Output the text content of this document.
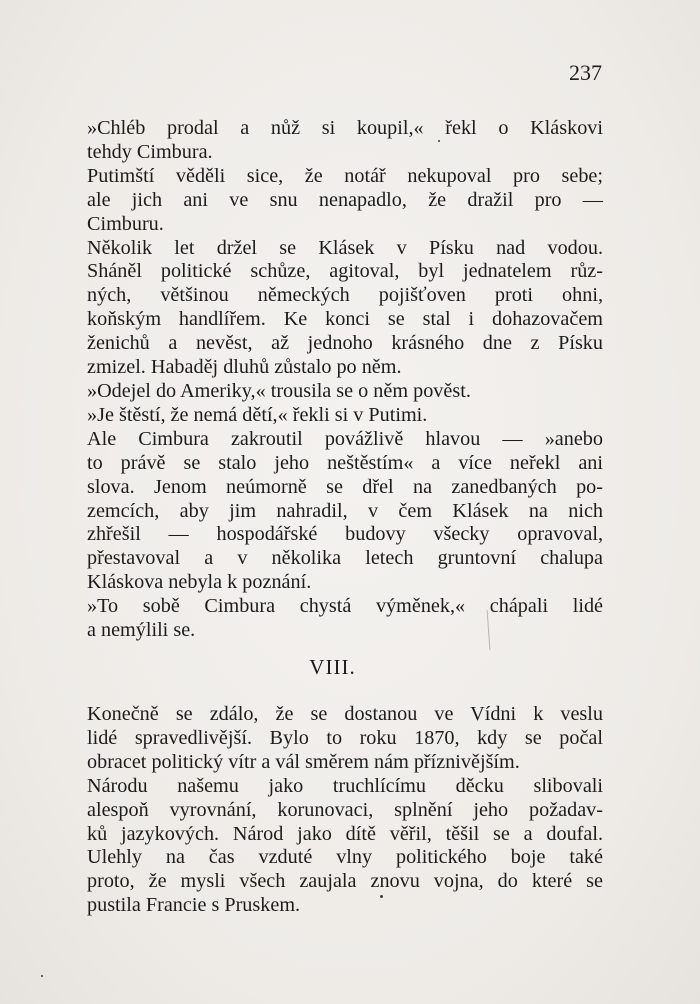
237

»Chléb prodal a nůž si koupil,« řekl o Kláskovi
tehdy Cimbura.

Putimští věděli sice, že notář nekupoval pro sebe;
ale jich ani ve snu nenapadlo, že dražil pro —
Cimburu.

Několik let držel se Klásek v Písku nad vodou.
Sháněl politické schůze, agitoval, byl jednatelem růz-
ných, většinou německých pojišťoven proti ohni,
koňským handlířem. Ke konci se stal i dohazovačem
ženichů a nevěst, až jednoho krásného dne z Písku
zmizel. Habaděj dluhů zůstalo po něm.

»Odejel do Ameriky,« trousila se o něm pověst.

»Je štěstí, že nemá dětí,« řekli si v Putimi.

Ale Cimbura zakroutil povážlivě hlavou — »anebo
to právě se stalo jeho neštěstím« a více neřekl ani
slova. Jenom neúmorně se dřel na zanedbaných po-
zemcích, aby jim nahradil, v čem Klásek na nich
zhřešil — hospodářské budovy všecky opravoval,
přestavoval a v několika letech gruntovní chalupa
Kláskova nebyla k poznání.

»To sobě Cimbura chystá výměnek,« chápali lidé
a nemýlili se.

VIII.

Konečně se zdálo, že se dostanou ve Vídni k veslu
lidé spravedlivější. Bylo to roku 1870, kdy se počal
obracet politický vítr a vál směrem nám příznivějším.

Národu našemu jako truchlícímu děcku slibovali
alespoň vyrovnání, korunovaci, splnění jeho požadav-
ků jazykových. Národ jako dítě věřil, těšil se a doufal.
Ulehly na čas vzduté vlny politického boje také
proto, že mysli všech zaujala znovu vojna, do které se
pustila Francie s Pruskem.
